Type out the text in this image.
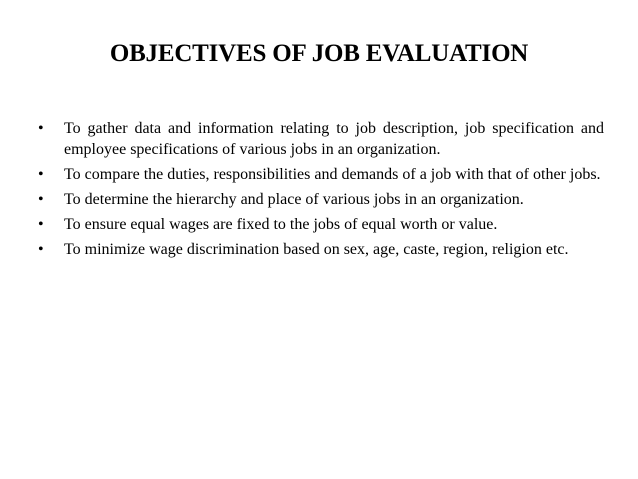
OBJECTIVES OF JOB EVALUATION
•	To gather data and information relating to job description, job specification and employee specifications of various jobs in an organization.
•	To compare the duties, responsibilities and demands of a job with that of other jobs.
•	To determine the hierarchy and place of various jobs in an organization.
•	To ensure equal wages are fixed to the jobs of equal worth or value.
•	To minimize wage discrimination based on sex, age, caste, region, religion etc.
